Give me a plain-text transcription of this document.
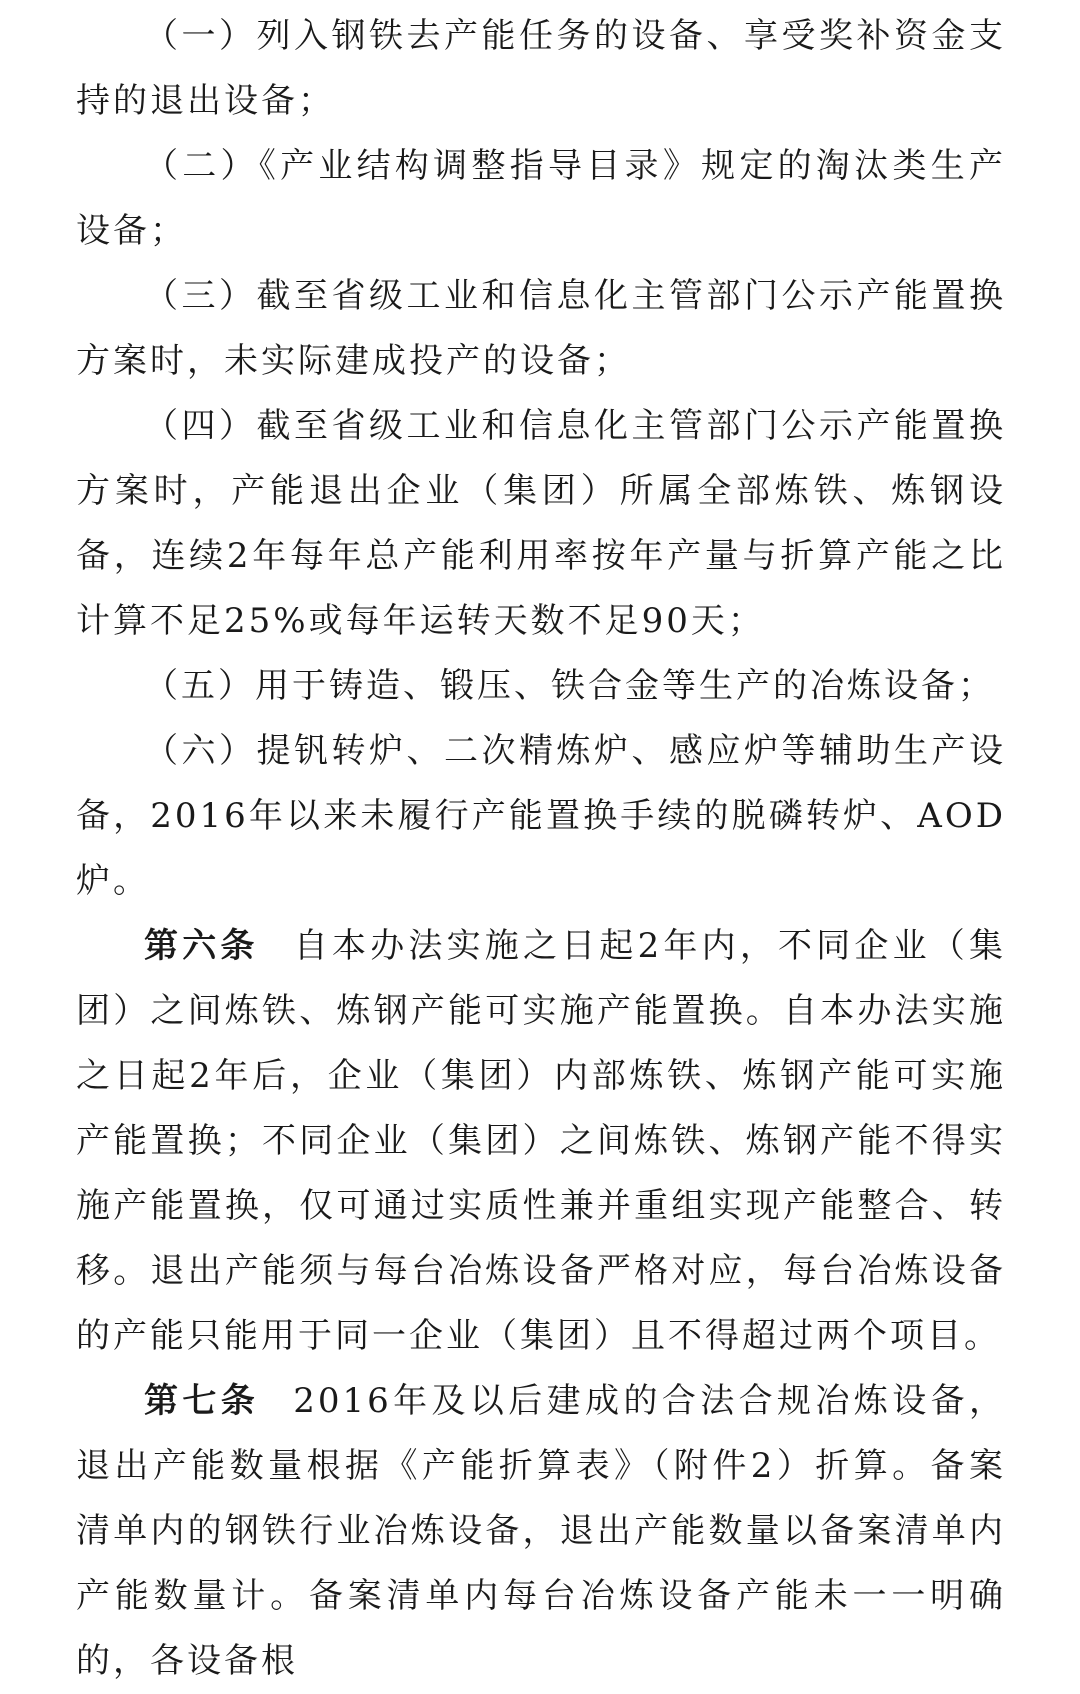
（一）列入钢铁去产能任务的设备、享受奖补资金支持的退出设备；

（二）《产业结构调整指导目录》规定的淘汰类生产设备；

（三）截至省级工业和信息化主管部门公示产能置换方案时，未实际建成投产的设备；

（四）截至省级工业和信息化主管部门公示产能置换方案时，产能退出企业（集团）所属全部炼铁、炼钢设备，连续2年每年总产能利用率按年产量与折算产能之比计算不足25%或每年运转天数不足90天；

（五）用于铸造、锻压、铁合金等生产的冶炼设备；

（六）提钒转炉、二次精炼炉、感应炉等辅助生产设备，2016年以来未履行产能置换手续的脱磷转炉、AOD炉。

第六条 自本办法实施之日起2年内，不同企业（集团）之间炼铁、炼钢产能可实施产能置换。自本办法实施之日起2年后，企业（集团）内部炼铁、炼钢产能可实施产能置换；不同企业（集团）之间炼铁、炼钢产能不得实施产能置换，仅可通过实质性兼并重组实现产能整合、转移。退出产能须与每台冶炼设备严格对应，每台冶炼设备的产能只能用于同一企业（集团）且不得超过两个项目。

第七条 2016年及以后建成的合法合规冶炼设备，退出产能数量根据《产能折算表》（附件2）折算。备案清单内的钢铁行业冶炼设备，退出产能数量以备案清单内产能数量计。备案清单内每台冶炼设备产能未一一明确的，各设备根
